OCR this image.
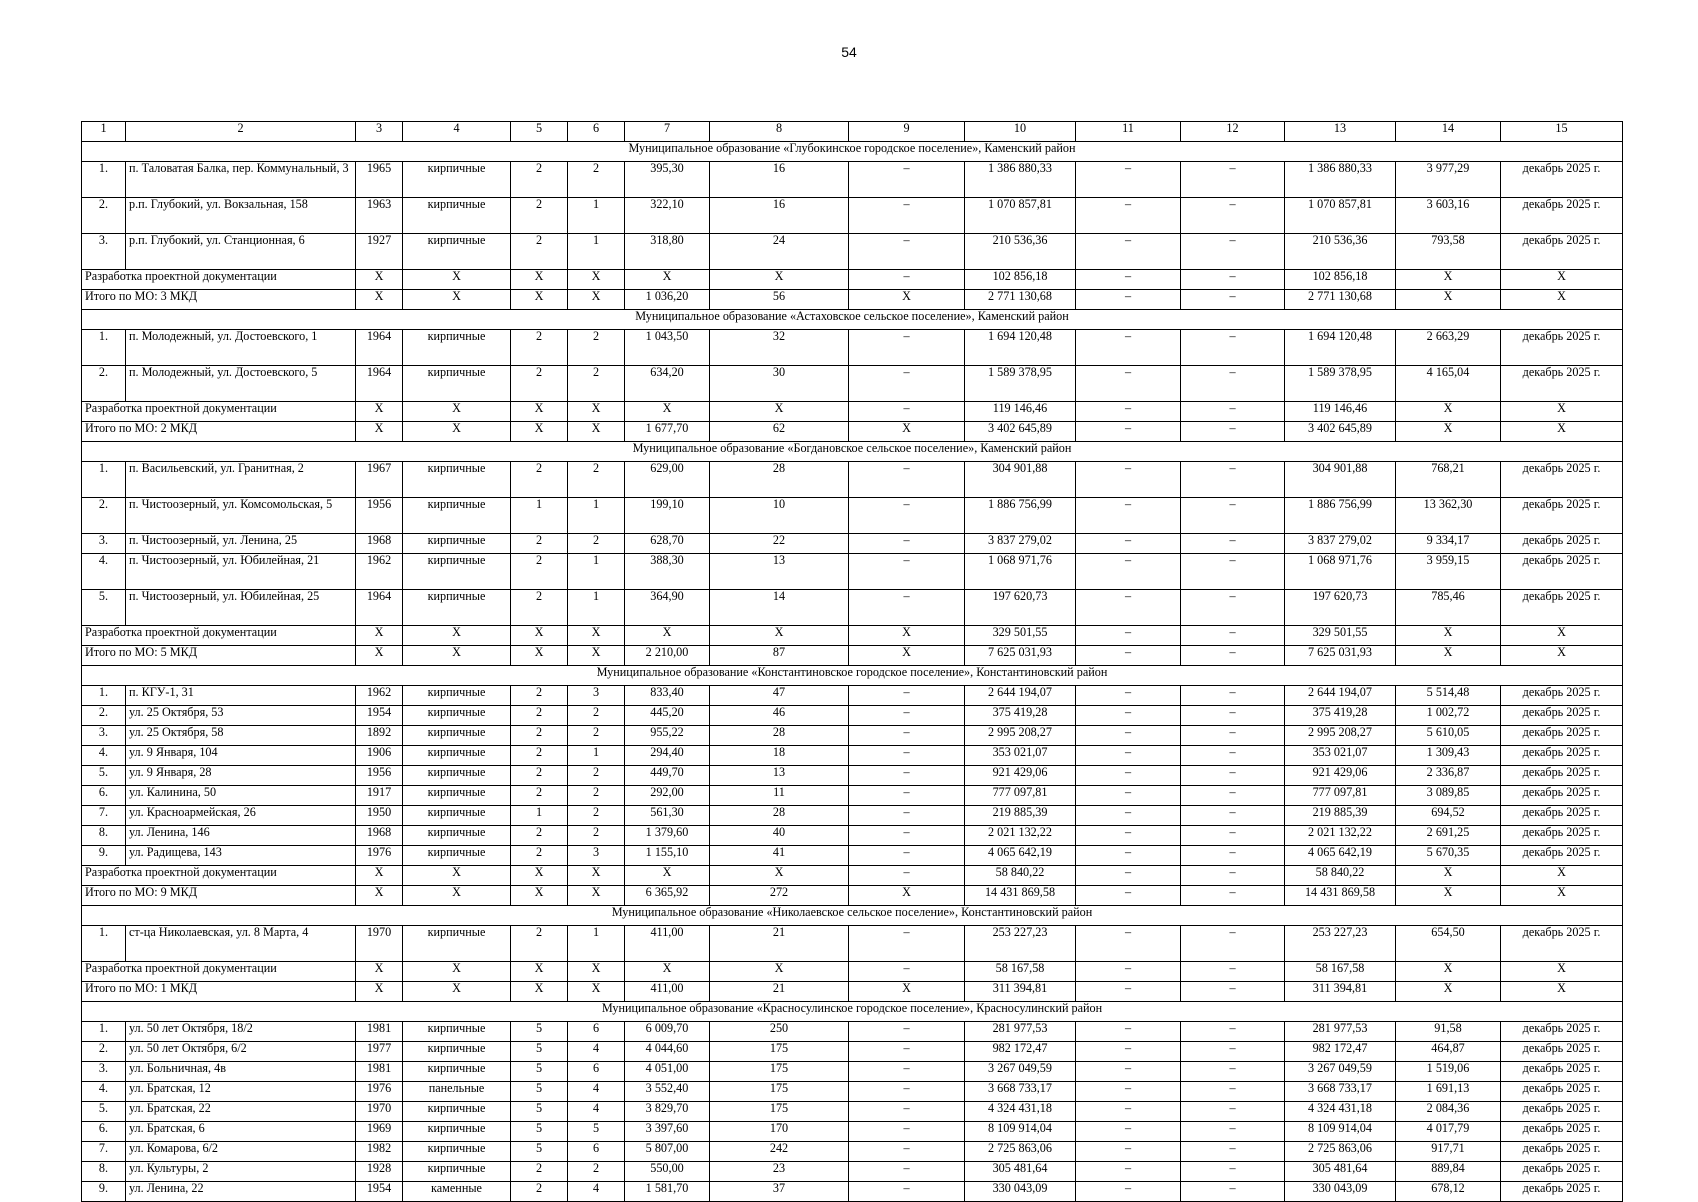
54
1	2	3	4	5	6	7	8	9	10	11	12	13	14	15
Муниципальное образование «Глубокинское городское поселение», Каменский район														
1.	п. Таловатая Балка, пер. Коммунальный, 3	1965	кирпичные	2	2	395,30	16	–	1 386 880,33	–	–	1 386 880,33	3 977,29	декабрь 2025 г.
2.	р.п. Глубокий, ул. Вокзальная, 158	1963	кирпичные	2	1	322,10	16	–	1 070 857,81	–	–	1 070 857,81	3 603,16	декабрь 2025 г.
3.	р.п. Глубокий, ул. Станционная, 6	1927	кирпичные	2	1	318,80	24	–	210 536,36	–	–	210 536,36	793,58	декабрь 2025 г.
Разработка проектной документации		X	X	X	X	X	X	–	102 856,18	–	–	102 856,18	X	X
Итого по МО: 3 МКД		X	X	X	X	1 036,20	56	X	2 771 130,68	–	–	2 771 130,68	X	X
Муниципальное образование «Астаховское сельское поселение», Каменский район														
1.	п. Молодежный, ул. Достоевского, 1	1964	кирпичные	2	2	1 043,50	32	–	1 694 120,48	–	–	1 694 120,48	2 663,29	декабрь 2025 г.
2.	п. Молодежный, ул. Достоевского, 5	1964	кирпичные	2	2	634,20	30	–	1 589 378,95	–	–	1 589 378,95	4 165,04	декабрь 2025 г.
Разработка проектной документации		X	X	X	X	X	X	–	119 146,46	–	–	119 146,46	X	X
Итого по МО: 2 МКД		X	X	X	X	1 677,70	62	X	3 402 645,89	–	–	3 402 645,89	X	X
Муниципальное образование «Богдановское сельское поселение», Каменский район														
1.	п. Васильевский, ул. Гранитная, 2	1967	кирпичные	2	2	629,00	28	–	304 901,88	–	–	304 901,88	768,21	декабрь 2025 г.
2.	п. Чистоозерный, ул. Комсомольская, 5	1956	кирпичные	1	1	199,10	10	–	1 886 756,99	–	–	1 886 756,99	13 362,30	декабрь 2025 г.
3.	п. Чистоозерный, ул. Ленина, 25	1968	кирпичные	2	2	628,70	22	–	3 837 279,02	–	–	3 837 279,02	9 334,17	декабрь 2025 г.
4.	п. Чистоозерный, ул. Юбилейная, 21	1962	кирпичные	2	1	388,30	13	–	1 068 971,76	–	–	1 068 971,76	3 959,15	декабрь 2025 г.
5.	п. Чистоозерный, ул. Юбилейная, 25	1964	кирпичные	2	1	364,90	14	–	197 620,73	–	–	197 620,73	785,46	декабрь 2025 г.
Разработка проектной документации		X	X	X	X	X	X	X	329 501,55	–	–	329 501,55	X	X
Итого по МО: 5 МКД		X	X	X	X	2 210,00	87	X	7 625 031,93	–	–	7 625 031,93	X	X
Муниципальное образование «Константиновское городское поселение», Константиновский район														
1.	п. КГУ-1, 31	1962	кирпичные	2	3	833,40	47	–	2 644 194,07	–	–	2 644 194,07	5 514,48	декабрь 2025 г.
2.	ул. 25 Октября, 53	1954	кирпичные	2	2	445,20	46	–	375 419,28	–	–	375 419,28	1 002,72	декабрь 2025 г.
3.	ул. 25 Октября, 58	1892	кирпичные	2	2	955,22	28	–	2 995 208,27	–	–	2 995 208,27	5 610,05	декабрь 2025 г.
4.	ул. 9 Января, 104	1906	кирпичные	2	1	294,40	18	–	353 021,07	–	–	353 021,07	1 309,43	декабрь 2025 г.
5.	ул. 9 Января, 28	1956	кирпичные	2	2	449,70	13	–	921 429,06	–	–	921 429,06	2 336,87	декабрь 2025 г.
6.	ул. Калинина, 50	1917	кирпичные	2	2	292,00	11	–	777 097,81	–	–	777 097,81	3 089,85	декабрь 2025 г.
7.	ул. Красноармейская, 26	1950	кирпичные	1	2	561,30	28	–	219 885,39	–	–	219 885,39	694,52	декабрь 2025 г.
8.	ул. Ленина, 146	1968	кирпичные	2	2	1 379,60	40	–	2 021 132,22	–	–	2 021 132,22	2 691,25	декабрь 2025 г.
9.	ул. Радищева, 143	1976	кирпичные	2	3	1 155,10	41	–	4 065 642,19	–	–	4 065 642,19	5 670,35	декабрь 2025 г.
Разработка проектной документации		X	X	X	X	X	X	–	58 840,22	–	–	58 840,22	X	X
Итого по МО: 9 МКД		X	X	X	X	6 365,92	272	X	14 431 869,58	–	–	14 431 869,58	X	X
Муниципальное образование «Николаевское сельское поселение», Константиновский район														
1.	ст-ца Николаевская, ул. 8 Марта, 4	1970	кирпичные	2	1	411,00	21	–	253 227,23	–	–	253 227,23	654,50	декабрь 2025 г.
Разработка проектной документации		X	X	X	X	X	X	–	58 167,58	–	–	58 167,58	X	X
Итого по МО: 1 МКД		X	X	X	X	411,00	21	X	311 394,81	–	–	311 394,81	X	X
Муниципальное образование «Красносулинское городское поселение», Красносулинский район														
1.	ул. 50 лет Октября, 18/2	1981	кирпичные	5	6	6 009,70	250	–	281 977,53	–	–	281 977,53	91,58	декабрь 2025 г.
2.	ул. 50 лет Октября, 6/2	1977	кирпичные	5	4	4 044,60	175	–	982 172,47	–	–	982 172,47	464,87	декабрь 2025 г.
3.	ул. Больничная, 4в	1981	кирпичные	5	6	4 051,00	175	–	3 267 049,59	–	–	3 267 049,59	1 519,06	декабрь 2025 г.
4.	ул. Братская, 12	1976	панельные	5	4	3 552,40	175	–	3 668 733,17	–	–	3 668 733,17	1 691,13	декабрь 2025 г.
5.	ул. Братская, 22	1970	кирпичные	5	4	3 829,70	175	–	4 324 431,18	–	–	4 324 431,18	2 084,36	декабрь 2025 г.
6.	ул. Братская, 6	1969	кирпичные	5	5	3 397,60	170	–	8 109 914,04	–	–	8 109 914,04	4 017,79	декабрь 2025 г.
7.	ул. Комарова, 6/2	1982	кирпичные	5	6	5 807,00	242	–	2 725 863,06	–	–	2 725 863,06	917,71	декабрь 2025 г.
8.	ул. Культуры, 2	1928	кирпичные	2	2	550,00	23	–	305 481,64	–	–	305 481,64	889,84	декабрь 2025 г.
9.	ул. Ленина, 22	1954	каменные	2	4	1 581,70	37	–	330 043,09	–	–	330 043,09	678,12	декабрь 2025 г.
